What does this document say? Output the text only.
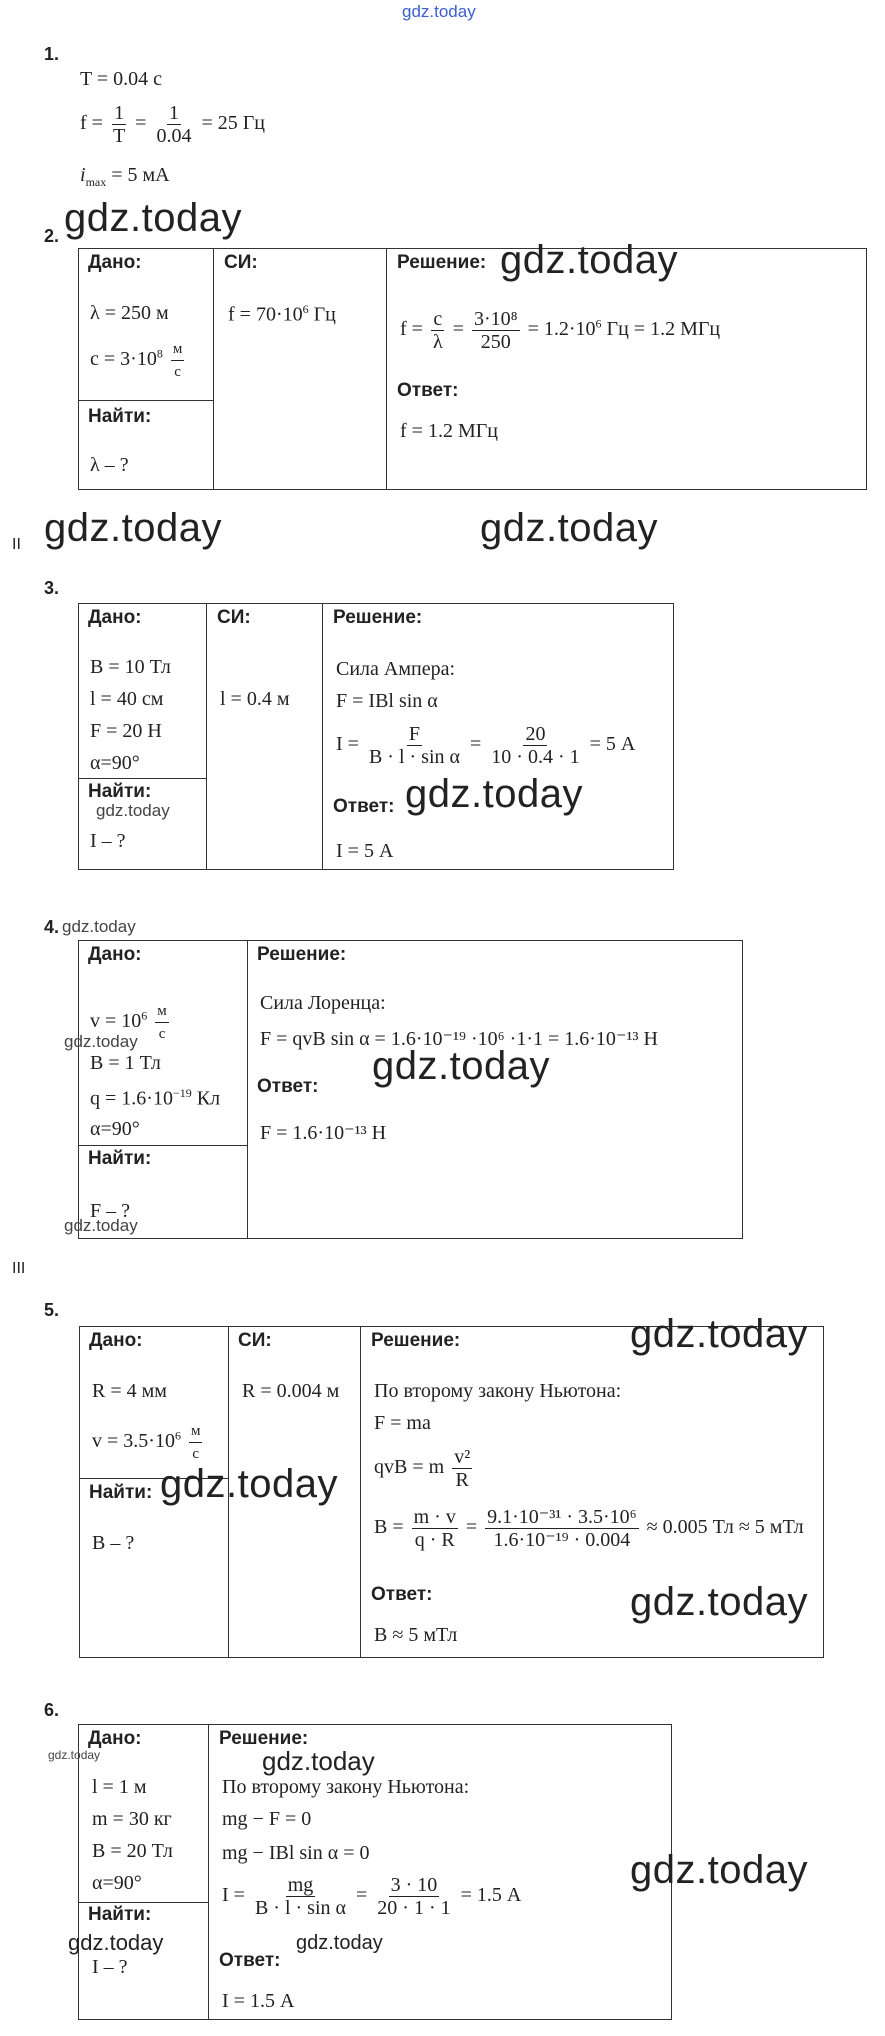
gdz.today
1.
T = 0.04 с
$f = \frac{1}{T} = \frac{1}{0.04} = 25$ Гц
$i_{max} = 5$ мА
2. gdz.today
Дано:
λ = 250 м
$c = 3\cdot 10^8 \frac{м}{с}$
Найти:
λ – ?
СИ:
$f = 70\cdot 10^6$ Гц
Решение: gdz.today
$f = \frac{c}{\lambda} = \frac{\text{3·10⁸}}{250} = 1.2\cdot 10^6$ Гц = 1.2 МГц
Ответ:
f = 1.2 МГц
II gdz.today	gdz.today
3.
Дано:
B = 10 Тл
l = 40 см
F = 20 Н
α=90°
Найти:
gdz.today
I – ?
СИ:
l = 0.4 м
Решение:
Сила Ампера:
F = IBl sin α
$I = \frac{F}{\text{B · l · sin α}} = \frac{20}{10 \cdot 0.4 \cdot 1} = 5$ А
Ответ: gdz.today
I = 5 А
4. gdz.today
Дано:
$v = 10^6 \frac{м}{с}$
gdz.today
B = 1 Тл
$q = 1.6\cdot 10^{-19}$ Кл
α=90°
Найти:
F – ?
gdz.today
Решение:
Сила Лоренца:
F = qvB sin α = 1.6·10⁻¹⁹ ·10⁶ ·1·1 = 1.6·10⁻¹³ Н
gdz.today
Ответ:
F = 1.6·10⁻¹³ Н
III
5.
Дано:
R = 4 мм
$v = 3.5\cdot 10^6 \frac{м}{с}$
Найти: gdz.today
B – ?
СИ:
R = 0.004 м
Решение:	gdz.today
По второму закону Ньютона:
F = ma
qvB = m $\frac{\text{v²}}{R}$
$B = \frac{m \cdot v}{q \cdot R} = \frac{\text{9.1·10⁻³¹ · 3.5·10⁶}}{\text{1.6·10⁻¹⁹ · 0.004}} \approx 0.005$ Тл ≈ 5 мТл
Ответ:	gdz.today
B ≈ 5 мТл
6.
Дано:
gdz.today
l = 1 м
m = 30 кг
B = 20 Тл
α=90°
Найти:
gdz.today
I – ?
Решение:
gdz.today
По второму закону Ньютона:
mg − F = 0
mg − IBl sin α = 0
$I = \frac{mg}{\text{B · l · sin α}} = \frac{3 \cdot 10}{20 \cdot 1 \cdot 1} = 1.5$ А
gdz.today
Ответ:
I = 1.5 А
gdz.today
